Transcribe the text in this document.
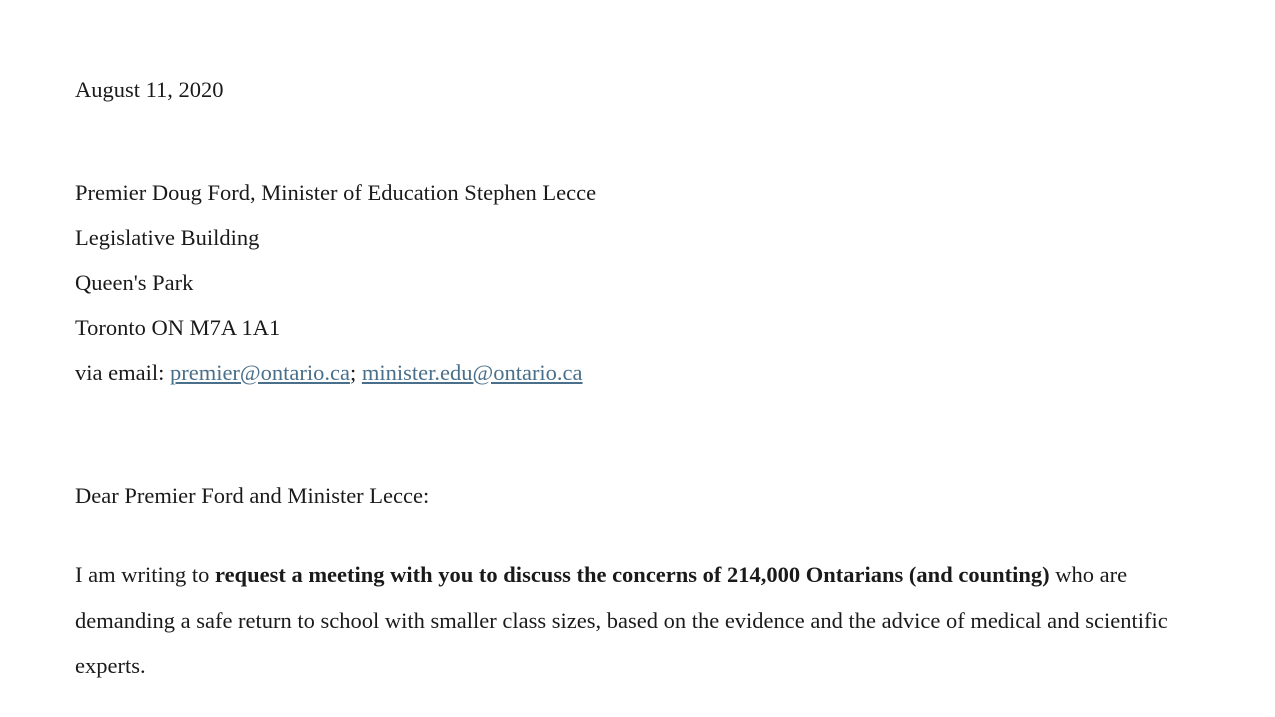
August 11, 2020

Premier Doug Ford, Minister of Education Stephen Lecce

Legislative Building

Queen's Park

Toronto ON M7A 1A1

via email: premier@ontario.ca; minister.edu@ontario.ca

Dear Premier Ford and Minister Lecce:

I am writing to request a meeting with you to discuss the concerns of 214,000 Ontarians (and counting) who are demanding a safe return to school with smaller class sizes, based on the evidence and the advice of medical and scientific experts.
